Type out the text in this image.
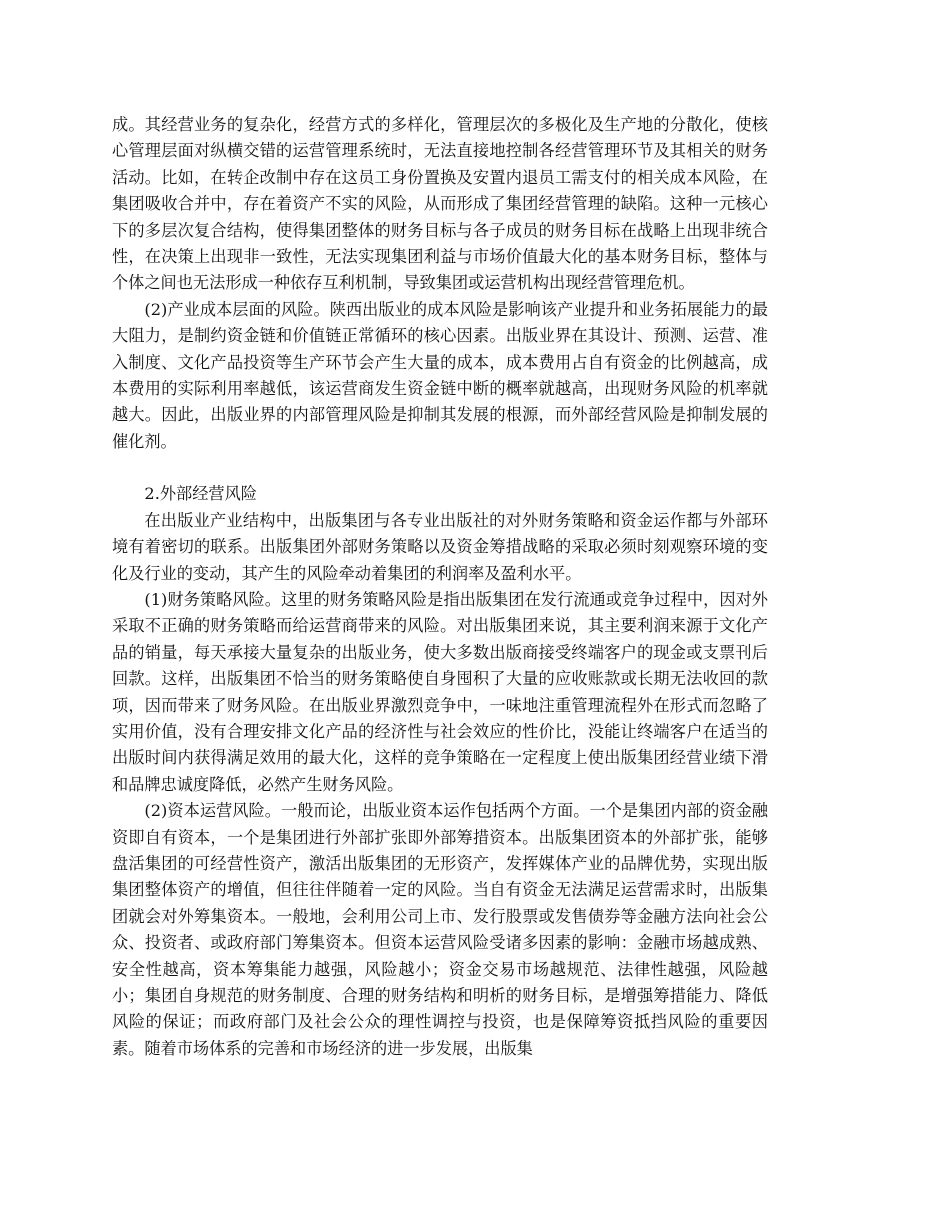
成。其经营业务的复杂化，经营方式的多样化，管理层次的多极化及生产地的分散化，使核心管理层面对纵横交错的运营管理系统时，无法直接地控制各经营管理环节及其相关的财务活动。比如，在转企改制中存在这员工身份置换及安置内退员工需支付的相关成本风险，在集团吸收合并中，存在着资产不实的风险，从而形成了集团经营管理的缺陷。这种一元核心下的多层次复合结构，使得集团整体的财务目标与各子成员的财务目标在战略上出现非统合性，在决策上出现非一致性，无法实现集团利益与市场价值最大化的基本财务目标，整体与个体之间也无法形成一种依存互利机制，导致集团或运营机构出现经营管理危机。

(2)产业成本层面的风险。陕西出版业的成本风险是影响该产业提升和业务拓展能力的最大阻力，是制约资金链和价值链正常循环的核心因素。出版业界在其设计、预测、运营、准入制度、文化产品投资等生产环节会产生大量的成本，成本费用占自有资金的比例越高，成本费用的实际利用率越低，该运营商发生资金链中断的概率就越高，出现财务风险的机率就越大。因此，出版业界的内部管理风险是抑制其发展的根源，而外部经营风险是抑制发展的催化剂。

2.外部经营风险

在出版业产业结构中，出版集团与各专业出版社的对外财务策略和资金运作都与外部环境有着密切的联系。出版集团外部财务策略以及资金筹措战略的采取必须时刻观察环境的变化及行业的变动，其产生的风险牵动着集团的利润率及盈利水平。

(1)财务策略风险。这里的财务策略风险是指出版集团在发行流通或竞争过程中，因对外采取不正确的财务策略而给运营商带来的风险。对出版集团来说，其主要利润来源于文化产品的销量，每天承接大量复杂的出版业务，使大多数出版商接受终端客户的现金或支票刊后回款。这样，出版集团不恰当的财务策略使自身囤积了大量的应收账款或长期无法收回的款项，因而带来了财务风险。在出版业界激烈竞争中，一味地注重管理流程外在形式而忽略了实用价值，没有合理安排文化产品的经济性与社会效应的性价比，没能让终端客户在适当的出版时间内获得满足效用的最大化，这样的竞争策略在一定程度上使出版集团经营业绩下滑和品牌忠诚度降低，必然产生财务风险。

(2)资本运营风险。一般而论，出版业资本运作包括两个方面。一个是集团内部的资金融资即自有资本，一个是集团进行外部扩张即外部筹措资本。出版集团资本的外部扩张，能够盘活集团的可经营性资产，激活出版集团的无形资产，发挥媒体产业的品牌优势，实现出版集团整体资产的增值，但往往伴随着一定的风险。当自有资金无法满足运营需求时，出版集团就会对外筹集资本。一般地，会利用公司上市、发行股票或发售债券等金融方法向社会公众、投资者、或政府部门筹集资本。但资本运营风险受诸多因素的影响：金融市场越成熟、安全性越高，资本筹集能力越强，风险越小；资金交易市场越规范、法律性越强，风险越小；集团自身规范的财务制度、合理的财务结构和明析的财务目标，是增强筹措能力、降低风险的保证；而政府部门及社会公众的理性调控与投资，也是保障筹资抵挡风险的重要因素。随着市场体系的完善和市场经济的进一步发展，出版集
